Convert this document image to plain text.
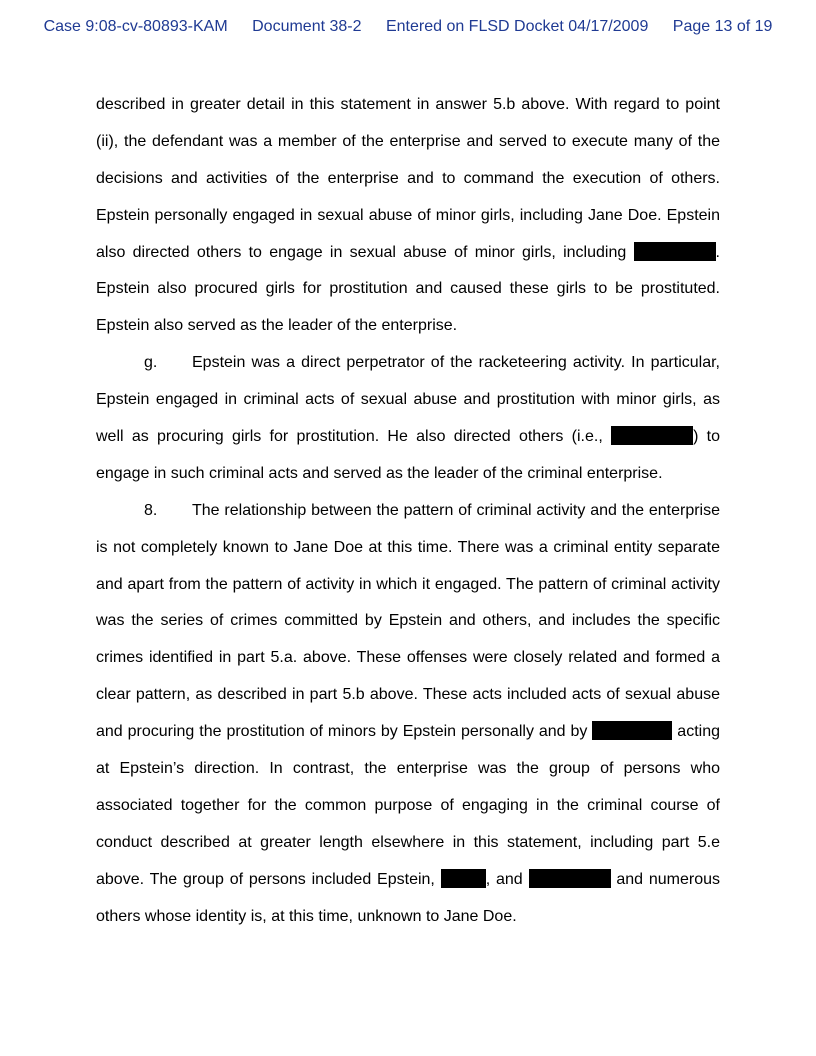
Case 9:08-cv-80893-KAM Document 38-2 Entered on FLSD Docket 04/17/2009 Page 13 of 19
described in greater detail in this statement in answer 5.b above. With regard to point
(ii), the defendant was a member of the enterprise and served to execute many of the
decisions and activities of the enterprise and to command the execution of others.
Epstein personally engaged in sexual abuse of minor girls, including Jane Doe. Epstein
also directed others to engage in sexual abuse of minor girls, including	.
Epstein also procured girls for prostitution and caused these girls to be prostituted.
Epstein also served as the leader of the enterprise.
g. Epstein was a direct perpetrator of the racketeering activity. In particular,
Epstein engaged in criminal acts of sexual abuse and prostitution with minor girls, as
well as procuring girls for prostitution. He also directed others (i.e.,	) to
engage in such criminal acts and served as the leader of the criminal enterprise.
8. The relationship between the pattern of criminal activity and the enterprise
is not completely known to Jane Doe at this time. There was a criminal entity separate
and apart from the pattern of activity in which it engaged. The pattern of criminal activity
was the series of crimes committed by Epstein and others, and includes the specific
crimes identified in part 5.a. above. These offenses were closely related and formed a
clear pattern, as described in part 5.b above. These acts included acts of sexual abuse
and procuring the prostitution of minors by Epstein personally and by	acting
at Epstein’s direction. In contrast, the enterprise was the group of persons who
associated together for the common purpose of engaging in the criminal course of
conduct described at greater length elsewhere in this statement, including part 5.e
above. The group of persons included Epstein,	, and	and numerous
others whose identity is, at this time, unknown to Jane Doe.
